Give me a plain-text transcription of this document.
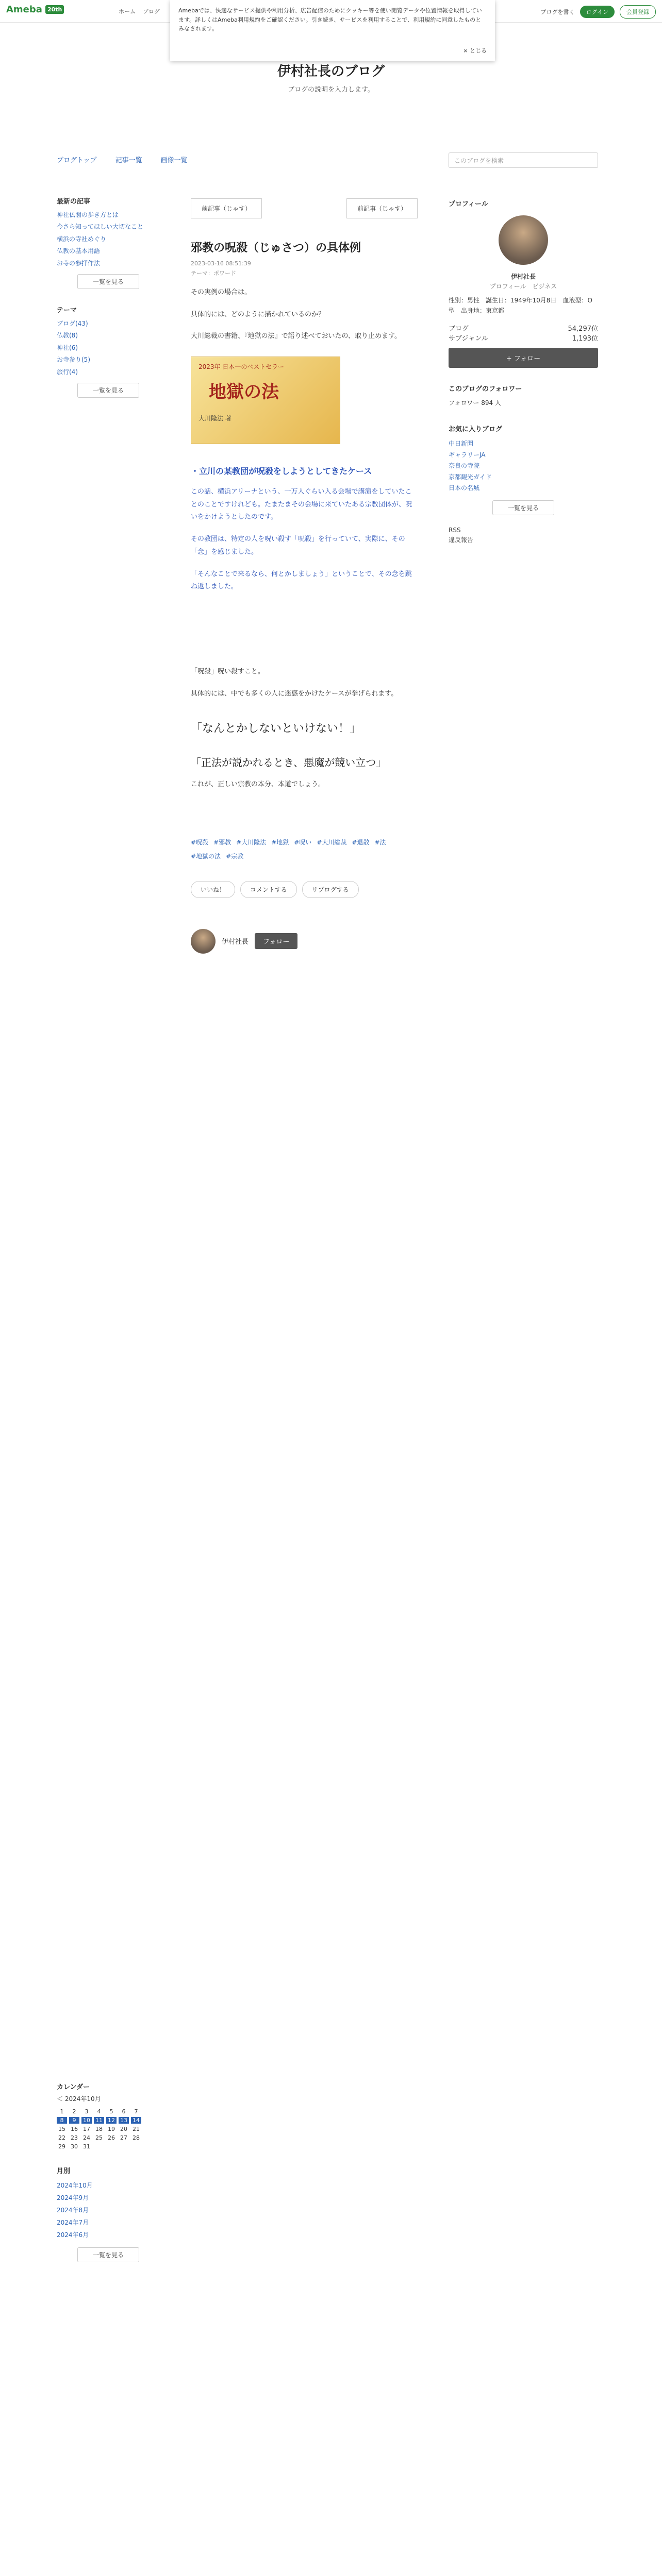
Ameba 20th	ホーム ブログ	ブログを書く	ログイン	会員登録

Amebaでは、快適なサービス提供や利用分析、広告配信のためにクッキー等を使い閲覧データや位置情報を取得しています。詳しくはAmeba利用規約をご確認ください。引き続き、サービスを利用することで、利用規約に同意したものとみなされます。

× とじる
伊村社長のブログ

ブログの説明を入力します。

ブログトップ	記事一覧	画像一覧	このブログを検索
最新の記事
神社仏閣の歩き方とは
今さら知ってほしい大切なこと
横浜の寺社めぐり
仏教の基本用語
お寺の参拝作法
一覧を見る
テーマ
ブログ(43)
仏教(8)
神社(6)
お寺参り(5)
旅行(4)
一覧を見る
カレンダー
＜ 2024年10月
1	2	3	4	5	6	7
8	9	10 11 12 13 14
15 16 17 18 19 20 21
22 23 24 25 26 27 28
29 30 31
月別
2024年10月
2024年9月
2024年8月
2024年7月
2024年6月
一覧を見る
前記事（じゃす）	前記事（じゃす）
邪教の呪殺（じゅさつ）の具体例
2023-03-16 08:51:39
テーマ：ポワード

その実例の場合は。

具体的には、どのように描かれているのか？

大川総裁の書籍、『地獄の法』で語り述べておいたの、取り止めます。

2023年 日本一のベストセラー
地獄の法
大川隆法 著
・立川の某教団が呪殺をしようとしてきたケース

この話、横浜アリーナという、一万人ぐらい入る会場で講演をしていたことのことですけれども。たまたまその会場に来ていたある宗教団体が、呪いをかけようとしたのです。

その教団は、特定の人を呪い殺す「呪殺」を行っていて、実際に、その「念」を感じました。

「そんなことで来るなら、何とかしましょう」ということで、その念を跳ね返しました。

「呪殺」呪い殺すこと。

具体的には、中でも多くの人に迷惑をかけたケースが挙げられます。

「なんとかしないといけない！」
「正法が説かれるとき、悪魔が競い立つ」

これが、正しい宗教の本分、本道でしょう。

#呪殺 #邪教 #大川隆法 #地獄 #呪い #大川総裁 #退散 #法
#地獄の法 #宗教
いいね！	コメントする	リブログする
伊村社長	フォロー
プロフィール

伊村社長

プロフィール　ビジネス

性別：男性　誕生日：1949年10月8日　血液型：O型　出身地：東京都

ブログ	54,297位
サブジャンル	1,193位
+ フォロー
このブログのフォロワー

フォロワー 894 人

お気に入りブログ
中日新聞
ギャラリーJA
奈良の寺院
京都観光ガイド
日本の名城
一覧を見る

RSS

違反報告
